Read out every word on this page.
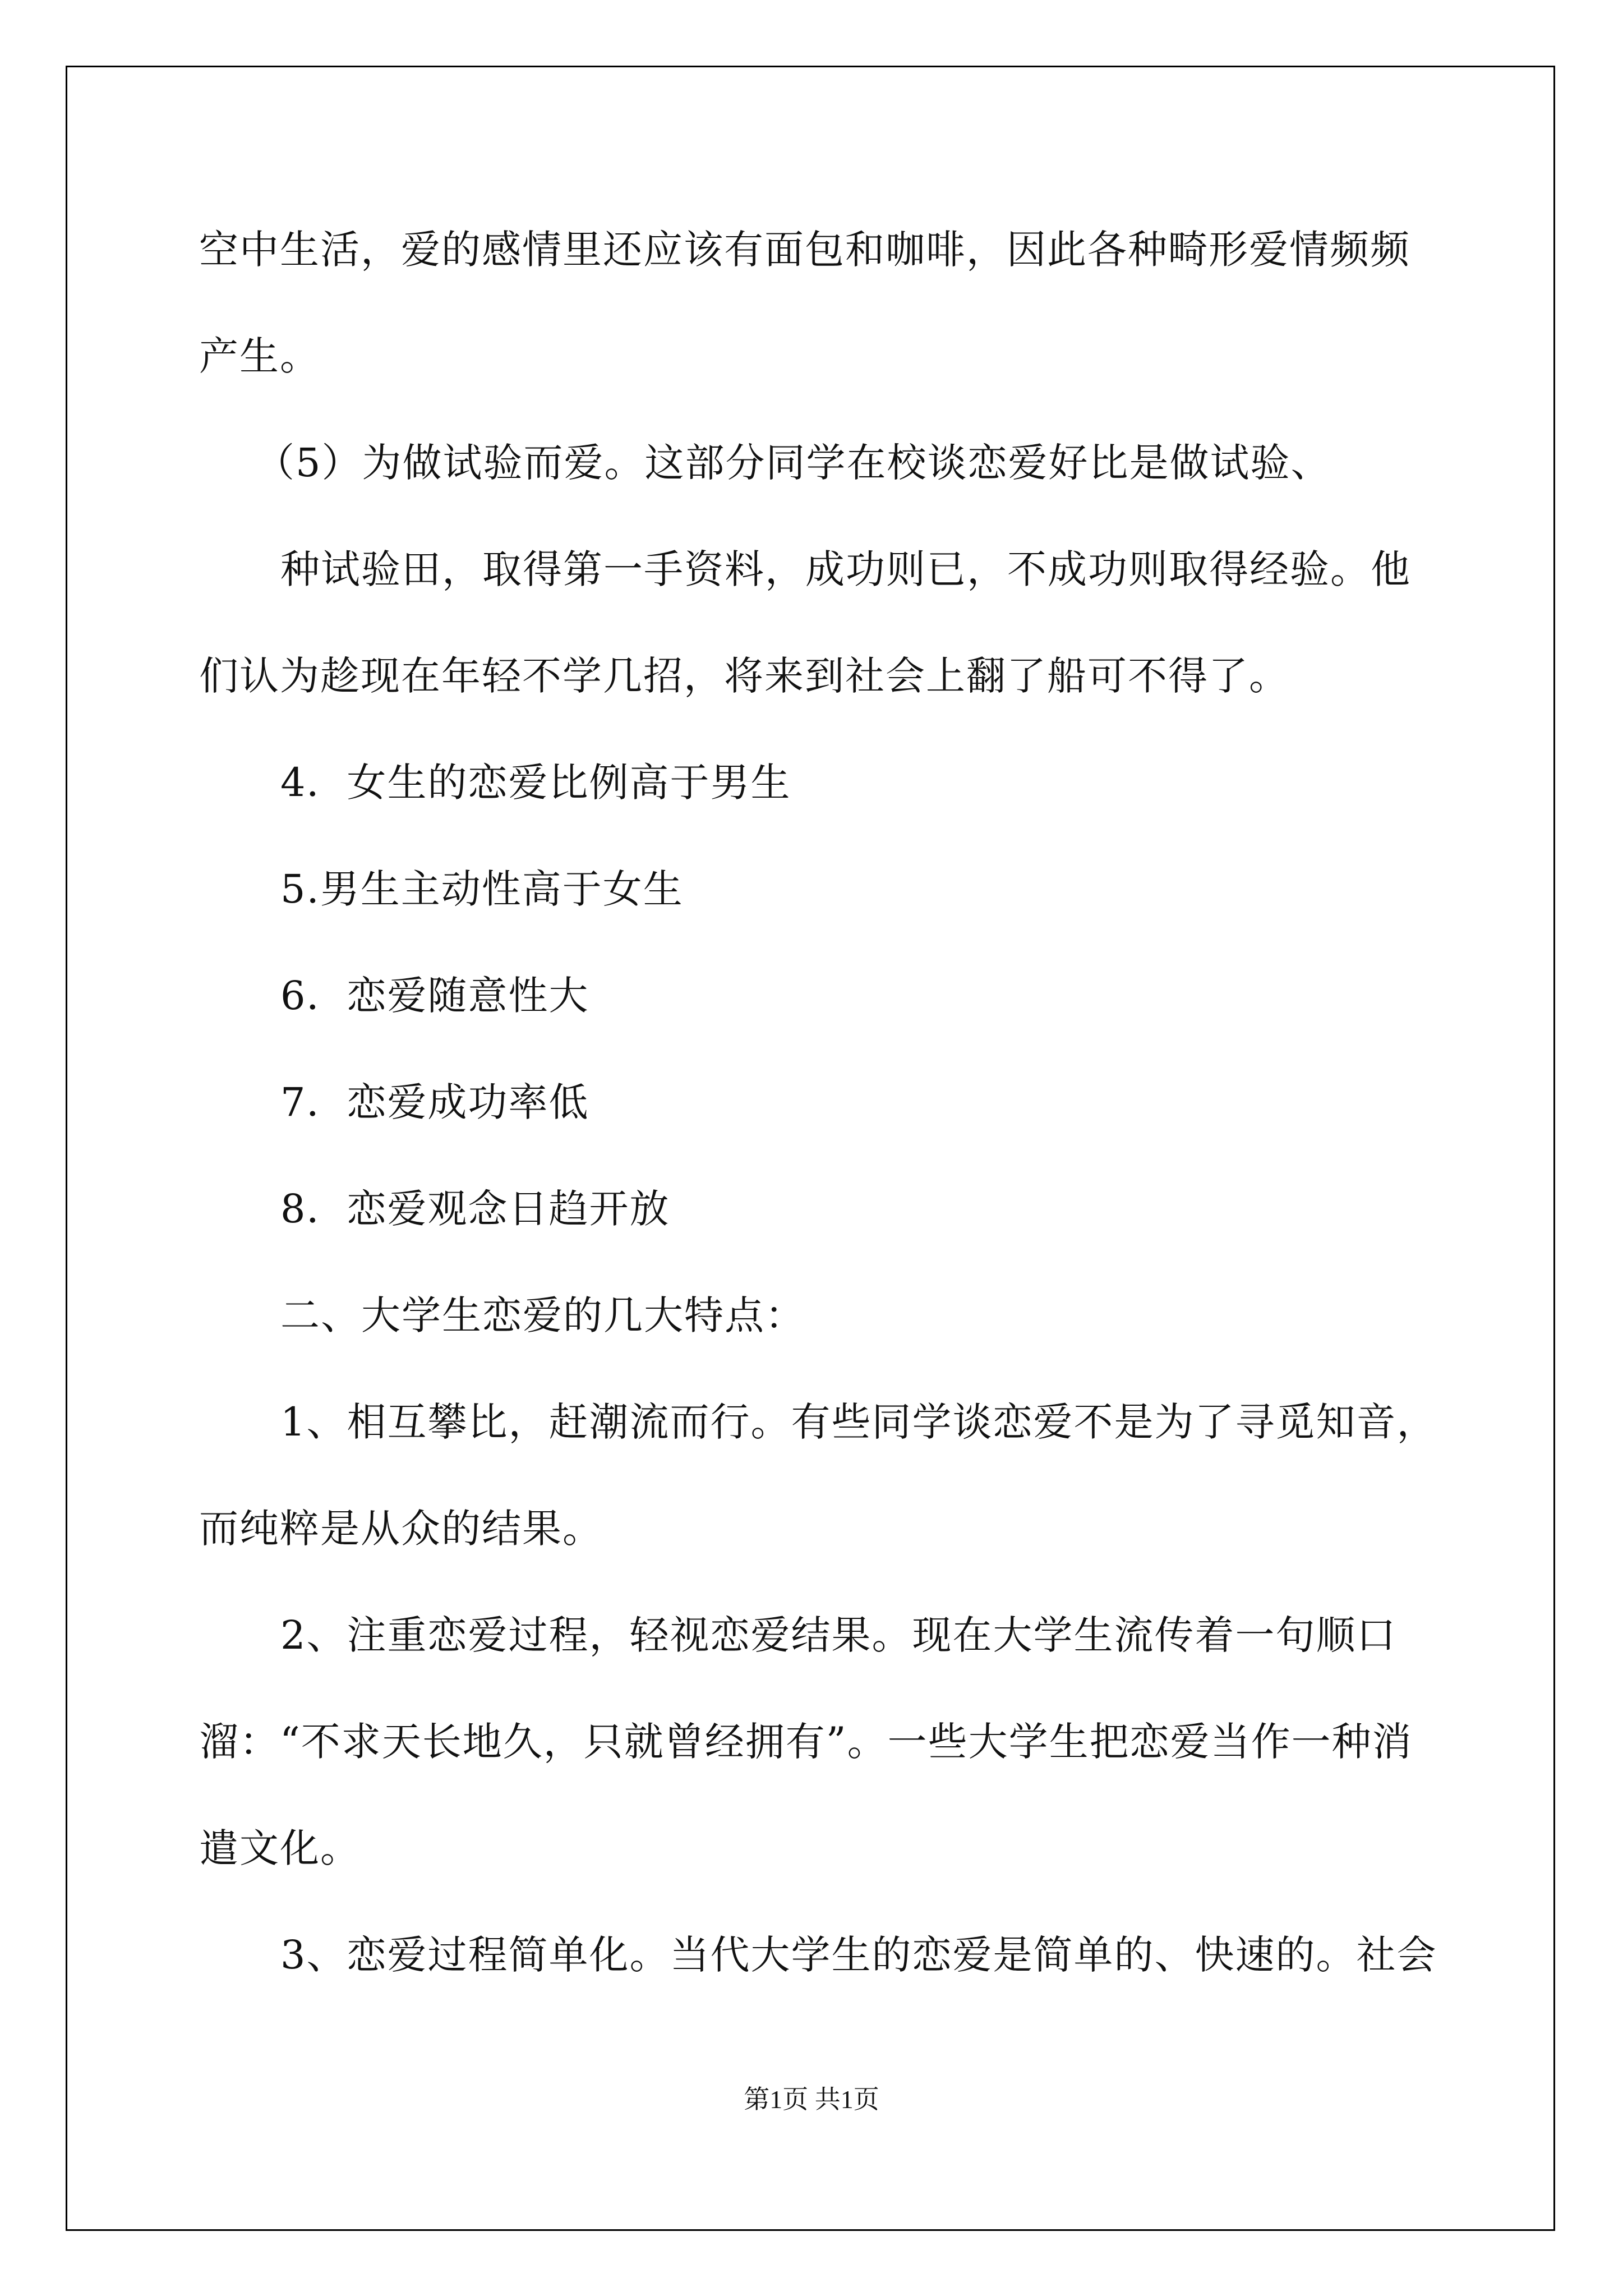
空中生活，爱的感情里还应该有面包和咖啡，因此各种畸形爱情频频
产生。
（5）为做试验而爱。这部分同学在校谈恋爱好比是做试验、
种试验田，取得第一手资料，成功则已，不成功则取得经验。他
们认为趁现在年轻不学几招，将来到社会上翻了船可不得了。
4．女生的恋爱比例高于男生
5.男生主动性高于女生
6．恋爱随意性大
7．恋爱成功率低
8．恋爱观念日趋开放
二、大学生恋爱的几大特点：
1、相互攀比，赶潮流而行。有些同学谈恋爱不是为了寻觅知音，
而纯粹是从众的结果。
2、注重恋爱过程，轻视恋爱结果。现在大学生流传着一句顺口
溜：“不求天长地久，只就曾经拥有”。一些大学生把恋爱当作一种消
遣文化。
3、恋爱过程简单化。当代大学生的恋爱是简单的、快速的。社会
第1页 共1页
